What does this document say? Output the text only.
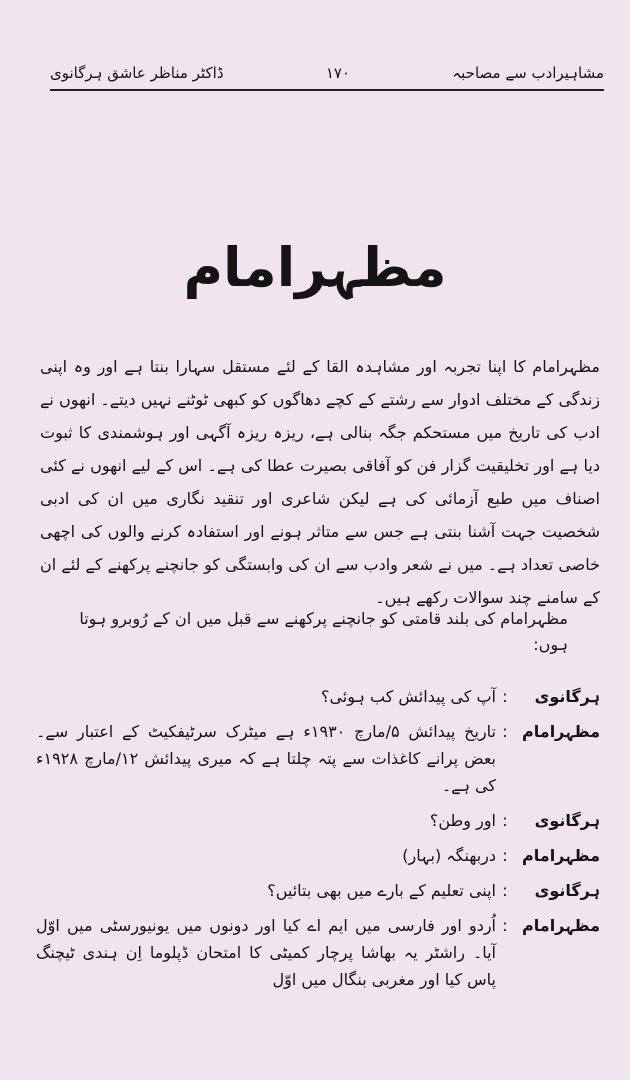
مشاہیرادب سے مصاحبہ
۱۷۰
ڈاکٹر مناظر عاشق ہرگانوی
مظہرامام
مظہرامام کا اپنا تجربہ اور مشاہدہ القا کے لئے مستقل سہارا بنتا ہے اور وہ اپنی زندگی کے مختلف ادوار سے رشتے کے کچے دھاگوں کو کبھی ٹوٹنے نہیں دیتے۔ انھوں نے ادب کی تاریخ میں مستحکم جگہ بنالی ہے، ریزہ ریزہ آگہی اور ہوشمندی کا ثبوت دیا ہے اور تخلیقیت گزار فن کو آفاقی بصیرت عطا کی ہے۔ اس کے لیے انھوں نے کئی اصناف میں طبع آزمائی کی ہے لیکن شاعری اور تنقید نگاری میں ان کی ادبی شخصیت جہت آشنا بنتی ہے جس سے متاثر ہونے اور استفادہ کرنے والوں کی اچھی خاصی تعداد ہے۔ میں نے شعر وادب سے ان کی وابستگی کو جانچنے پرکھنے کے لئے ان کے سامنے چند سوالات رکھے ہیں۔
مظہرامام کی بلند قامتی کو جانچنے پرکھنے سے قبل میں ان کے رُوبرو ہوتا ہوں:
ہرگانوی
:
آپ کی پیدائش کب ہوئی؟
مظہرامام
:
تاریخ پیدائش ۵/مارچ ۱۹۳۰ء ہے میٹرک سرٹیفکیٹ کے اعتبار سے۔ بعض پرانے کاغذات سے پتہ چلتا ہے کہ میری پیدائش ۱۲/مارچ ۱۹۲۸ء کی ہے۔
ہرگانوی
:
اور وطن؟
مظہرامام
:
دربھنگہ (بہار)
ہرگانوی
:
اپنی تعلیم کے بارے میں بھی بتائیں؟
مظہرامام
:
اُردو اور فارسی میں ایم اے کیا اور دونوں میں یونیورسٹی میں اوّل آیا۔ راشٹر یہ بھاشا پرچار کمیٹی کا امتحان ڈپلوما اِن ہندی ٹیچنگ پاس کیا اور مغربی بنگال میں اوّل
